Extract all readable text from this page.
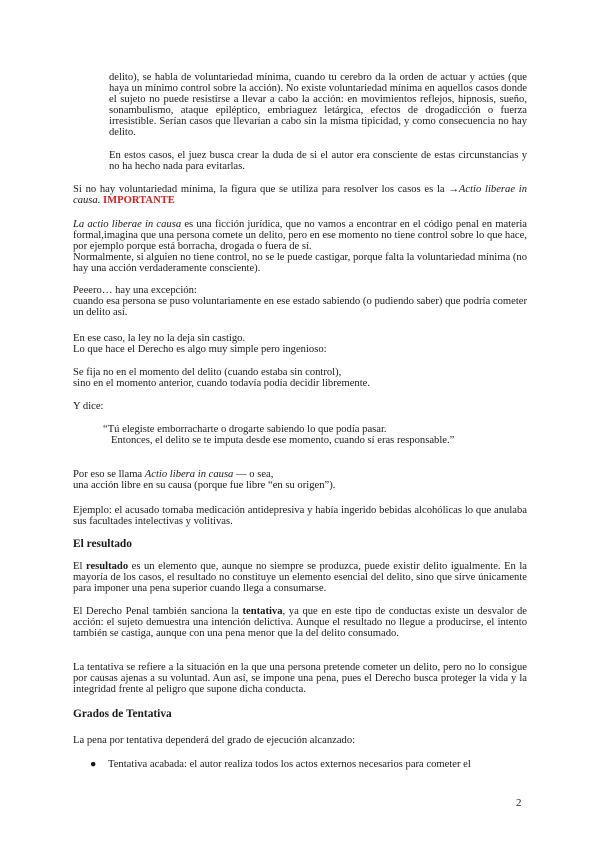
delito), se habla de voluntariedad mínima, cuando tu cerebro da la orden de actuar y actúes (que haya un mínimo control sobre la acción). No existe voluntariedad mínima en aquellos casos donde el sujeto no puede resistirse a llevar a cabo la acción: en movimientos reflejos, hipnosis, sueño, sonambulismo, ataque epiléptico, embriaguez letárgica, efectos de drogadicción o fuerza irresistible. Serían casos que llevarían a cabo sin la misma tipicidad, y como consecuencia no hay delito.

En estos casos, el juez busca crear la duda de si el autor era consciente de estas circunstancias y no ha hecho nada para evitarlas.

Si no hay voluntariedad mínima, la figura que se utiliza para resolver los casos es la →Actio liberae in causa. IMPORTANTE

La actio liberae in causa es una ficción jurídica, que no vamos a encontrar en el código penal en materia formal,imagina que una persona comete un delito, pero en ese momento no tiene control sobre lo que hace, por ejemplo porque está borracha, drogada o fuera de sí.

Normalmente, si alguien no tiene control, no se le puede castigar, porque falta la voluntariedad mínima (no hay una acción verdaderamente consciente).

Peeero… hay una excepción:

cuando esa persona se puso voluntariamente en ese estado sabiendo (o pudiendo saber) que podría cometer un delito así.

En ese caso, la ley no la deja sin castigo.

Lo que hace el Derecho es algo muy simple pero ingenioso:

Se fija no en el momento del delito (cuando estaba sin control),

sino en el momento anterior, cuando todavía podía decidir libremente.

Y dice:

“Tú elegiste emborracharte o drogarte sabiendo lo que podía pasar.

Entonces, el delito se te imputa desde ese momento, cuando sí eras responsable.”

Por eso se llama Actio libera in causa — o sea,

una acción libre en su causa (porque fue libre “en su origen”).

Ejemplo: el acusado tomaba medicación antidepresiva y había ingerido bebidas alcohólicas lo que anulaba sus facultades intelectivas y volitivas.

El resultado

El resultado es un elemento que, aunque no siempre se produzca, puede existir delito igualmente. En la mayoría de los casos, el resultado no constituye un elemento esencial del delito, sino que sirve únicamente para imponer una pena superior cuando llega a consumarse.

El Derecho Penal también sanciona la tentativa, ya que en este tipo de conductas existe un desvalor de acción: el sujeto demuestra una intención delictiva. Aunque el resultado no llegue a producirse, el intento también se castiga, aunque con una pena menor que la del delito consumado.

La tentativa se refiere a la situación en la que una persona pretende cometer un delito, pero no lo consigue por causas ajenas a su voluntad. Aun así, se impone una pena, pues el Derecho busca proteger la vida y la integridad frente al peligro que supone dicha conducta.

Grados de Tentativa

La pena por tentativa dependerá del grado de ejecución alcanzado:

●	Tentativa acabada: el autor realiza todos los actos externos necesarios para cometer el
2
